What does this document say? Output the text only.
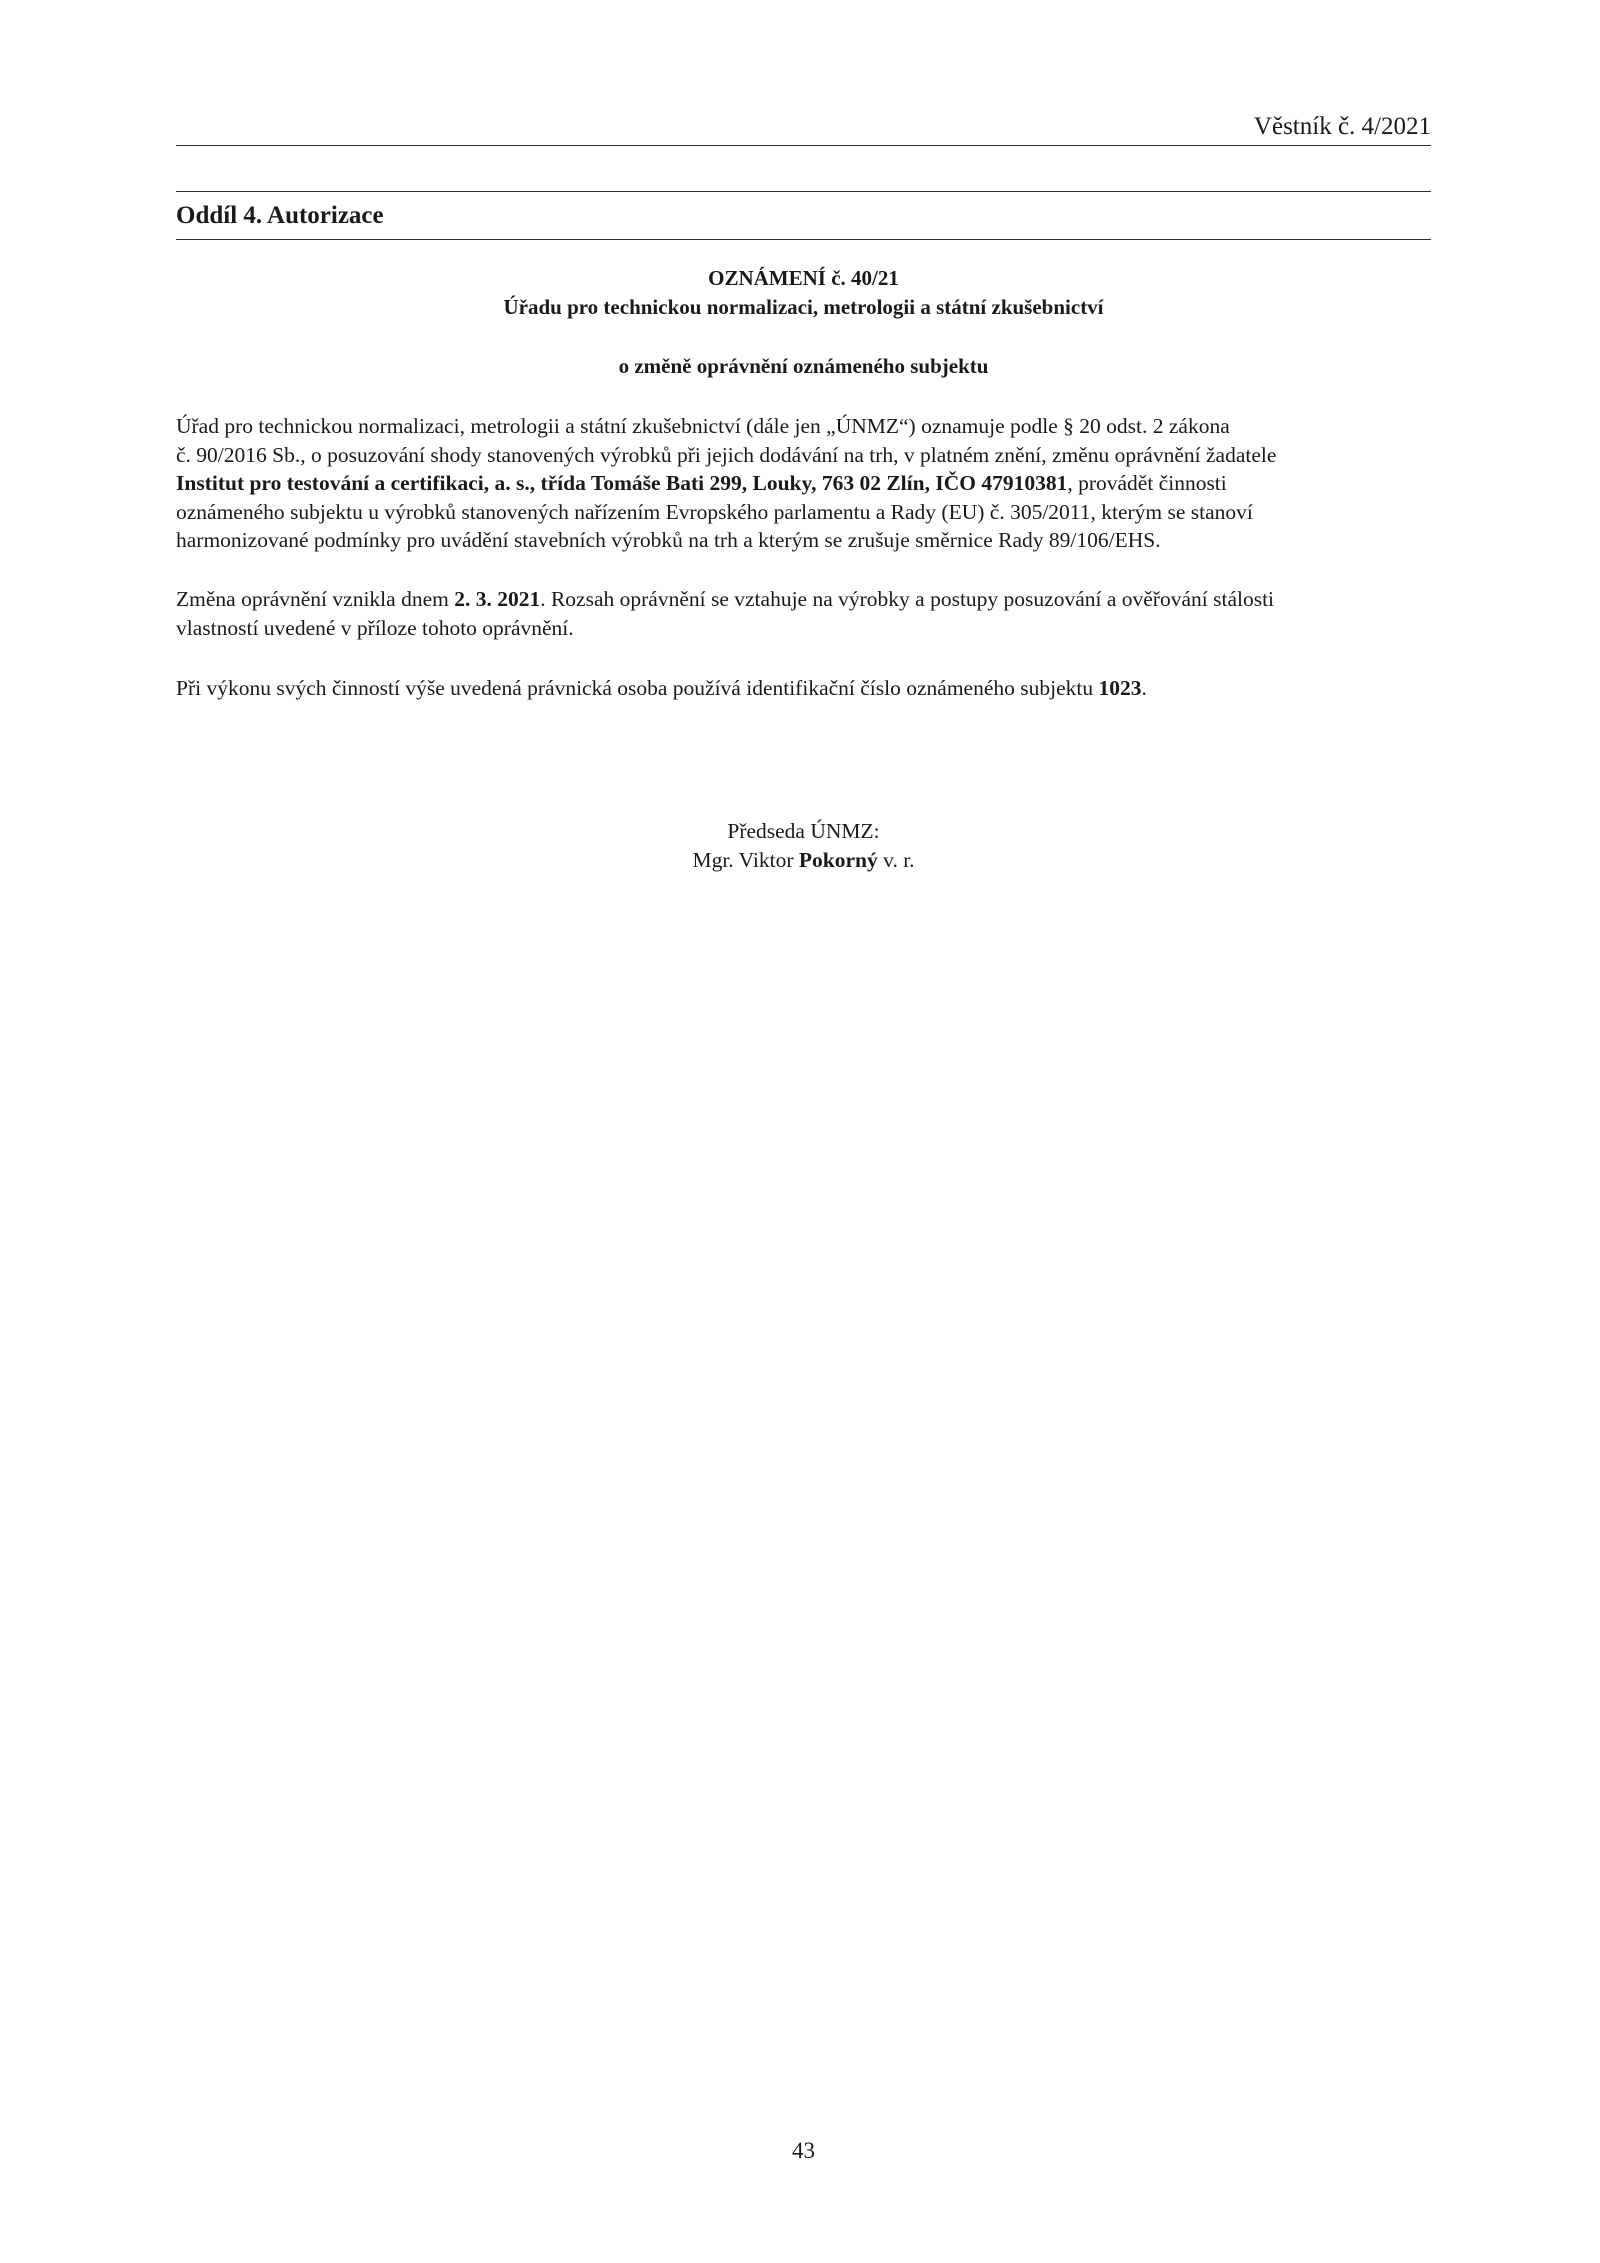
Věstník č. 4/2021
Oddíl 4. Autorizace
OZNÁMENÍ č. 40/21
Úřadu pro technickou normalizaci, metrologii a státní zkušebnictví
o změně oprávnění oznámeného subjektu
Úřad pro technickou normalizaci, metrologii a státní zkušebnictví (dále jen „ÚNMZ“) oznamuje podle § 20 odst. 2 zákona
č. 90/2016 Sb., o posuzování shody stanovených výrobků při jejich dodávání na trh, v platném znění, změnu oprávnění žadatele
Institut pro testování a certifikaci, a. s., třída Tomáše Bati 299, Louky, 763 02 Zlín, IČO 47910381, provádět činnosti
oznámeného subjektu u výrobků stanovených nařízením Evropského parlamentu a Rady (EU) č. 305/2011, kterým se stanoví
harmonizované podmínky pro uvádění stavebních výrobků na trh a kterým se zrušuje směrnice Rady 89/106/EHS.
Změna oprávnění vznikla dnem 2. 3. 2021. Rozsah oprávnění se vztahuje na výrobky a postupy posuzování a ověřování stálosti
vlastností uvedené v příloze tohoto oprávnění.
Při výkonu svých činností výše uvedená právnická osoba používá identifikační číslo oznámeného subjektu 1023.
Předseda ÚNMZ:
Mgr. Viktor Pokorný v. r.
43
